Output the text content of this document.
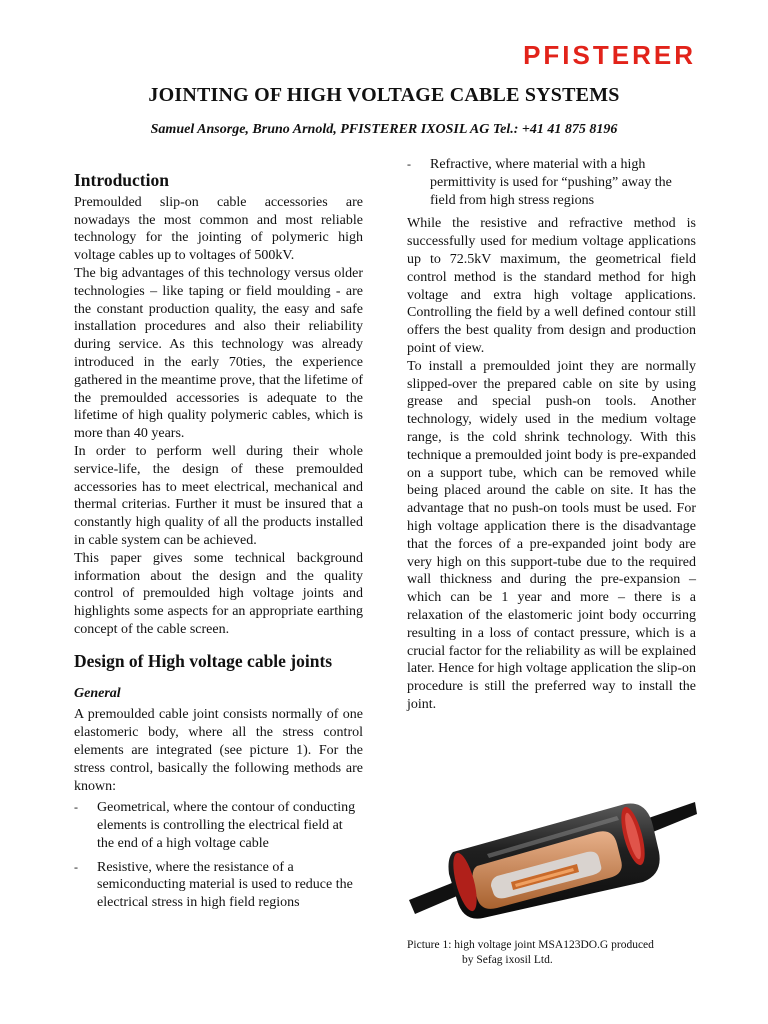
PFISTERER
JOINTING OF HIGH VOLTAGE CABLE SYSTEMS
Samuel Ansorge, Bruno Arnold, PFISTERER IXOSIL AG Tel.: +41 41 875 8196
Introduction

Premoulded slip-on cable accessories are nowadays the most common and most reliable technology for the jointing of polymeric high voltage cables up to voltages of 500kV.

The big advantages of this technology versus older technologies – like taping or field moulding - are the constant production quality, the easy and safe installation procedures and also their reliability during service. As this technology was already introduced in the early 70ties, the experience gathered in the meantime prove, that the lifetime of the premoulded accessories is adequate to the lifetime of high quality polymeric cables, which is more than 40 years.

In order to perform well during their whole service-life, the design of these premoulded accessories has to meet electrical, mechanical and thermal criterias. Further it must be insured that a constantly high quality of all the products installed in cable system can be achieved.

This paper gives some technical background information about the design and the quality control of premoulded high voltage joints and highlights some aspects for an appropriate earthing concept of the cable screen.

Design of High voltage cable joints
General

A premoulded cable joint consists normally of one elastomeric body, where all the stress control elements are integrated (see picture 1). For the stress control, basically the following methods are known:

- Geometrical, where the contour of conducting elements is controlling the electrical field at the end of a high voltage cable
- Resistive, where the resistance of a semiconducting material is used to reduce the electrical stress in high field regions
- Refractive, where material with a high permittivity is used for “pushing” away the field from high stress regions

While the resistive and refractive method is successfully used for medium voltage applications up to 72.5kV maximum, the geometrical field control method is the standard method for high voltage and extra high voltage applications. Controlling the field by a well defined contour still offers the best quality from design and production point of view.

To install a premoulded joint they are normally slipped-over the prepared cable on site by using grease and special push-on tools. Another technology, widely used in the medium voltage range, is the cold shrink technology. With this technique a premoulded joint body is pre-expanded on a support tube, which can be removed while being placed around the cable on site. It has the advantage that no push-on tools must be used. For high voltage application there is the disadvantage that the forces of a pre-expanded joint body are very high on this support-tube due to the required wall thickness and during the pre-expansion – which can be 1 year and more – there is a relaxation of the elastomeric joint body occurring resulting in a loss of contact pressure, which is a crucial factor for the reliability as will be explained later. Hence for high voltage application the slip-on procedure is still the preferred way to install the joint.

Picture 1: high voltage joint MSA123DO.G produced
by Sefag ixosil Ltd.
